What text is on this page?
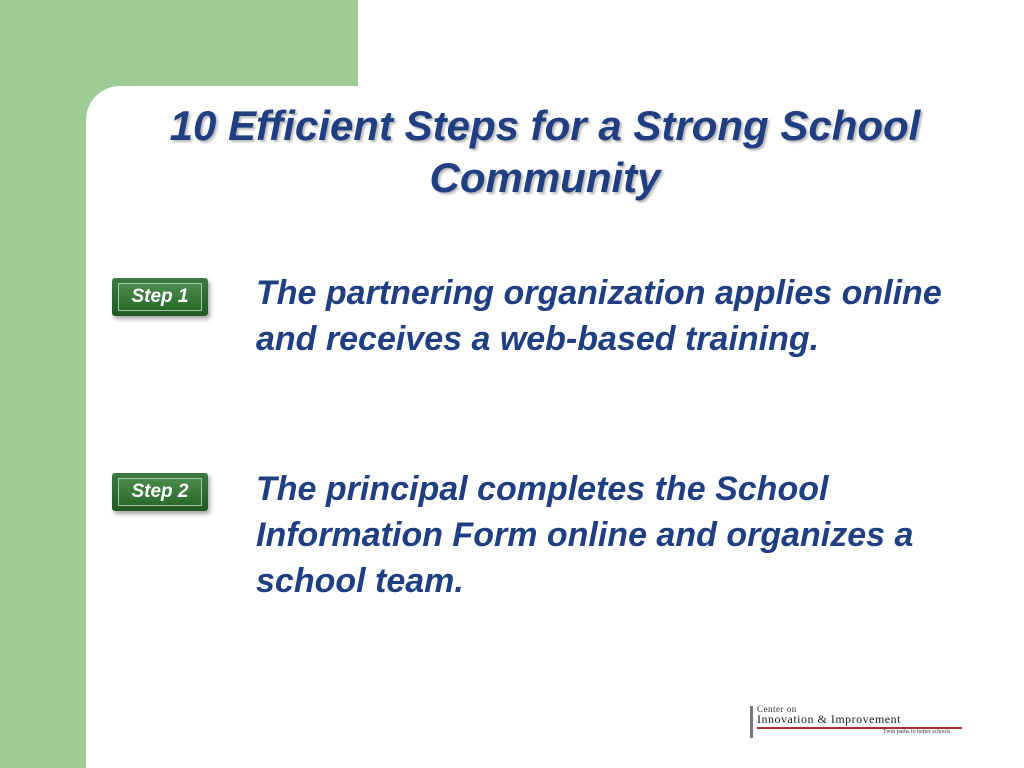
10 Efficient Steps for a Strong School Community
Step 1	The partnering organization applies online and receives a web-based training.

Step 2	The principal completes the School Information Form online and organizes a school team.

Center on
Innovation & Improvement
Twin paths to better schools
